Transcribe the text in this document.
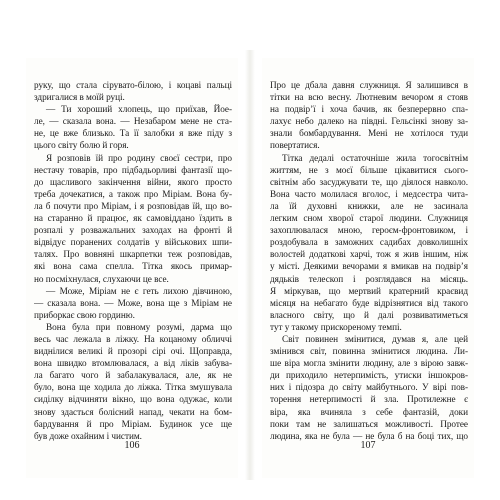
руку, що стала сірувато-білою, і коцаві пальці
здригалися в моїй руці.
— Ти хороший хлопець, що приїхав, Йое-
ле, — сказала вона. — Незабаром мене не ста-
не, це вже близько. Та її залобки я вже піду з
цього світу болю й горя.
Я розповів їй про родину своєї сестри, про
нестачу товарів, про підбадьорливі фантазії що-
до щасливого закінчення війни, якого просто
треба дочекатися, а також про Міріам. Вона бу-
ла б почути про Міріам, і я розповідав їй, що во-
на старанно й працює, як самовіддано їздить в
розпалі у розважальних заходах на фронті й
відвідує поранених солдатів у військових шпи-
талях. Про вовняні шкарпетки теж розповідав,
які вона сама спелла. Тітка якось примар-
но посміхнулася, слухаючи це все.
— Може, Міріам не є геть лихою дівчиною,
— сказала вона. — Може, вона ще з Міріам не
приборкає свою гординю.
Вона була при повному розумі, дарма що
весь час лежала в ліжку. На коцаному обличчі
виднілися великі й прозорі сірі очі. Щоправда,
вона швидко втомлювалася, а від ліків забува-
ла багато чого й забалакувалася, але, як не
було, вона ще ходила до ліжка. Тітка змушувала
сиділку відчиняти вікно, що вона одужає, коли
знову здасться болісний напад, чекати на бом-
бардування й про Міріам. Будинок усе ще
був доже охайним і чистим.
106
Про це дбала давня служниця. Я залишився в
тітки на всю весну. Лютневим вечором я стояв
на подвір’ї і хоча бачив, як безперервно спа-
лахує небо далеко на півдні. Гельсінкі знову за-
знали бомбардування. Мені не хотілося туди
повертатися.
Тітка дедалі остаточніше жила тогосвітнім
життям, не з моєї більше цікавитися сього-
світнім або засуджувати те, що діялося навколо.
Вона часто молилася вголос, і медсестра чита-
ла їй духовні книжки, але не засинала
легким сном хворої старої людини. Служниця
захоплювалася мною, героєм-фронтовиком, і
роздобувала в заможних садибах довколишніх
волостей додаткові харчі, тож я жив іншим, ніж
у місті. Деякими вечорами я вмикав на подвір’я
дядьків телескоп і розглядався на місяць.
Я міркував, що мертвий кратерний краєвид
місяця на небагато буде відрізнятися від такого
власного світу, що й далі розвиватиметься
тут у такому прискореному темпі.
Світ повинен змінитися, думав я, але цей
змінився світ, повинна змінитися людина. Ли-
ше віра могла змінити людину, але з вірою завж-
ди приходило нетерпимість, утиски іншокров-
них і підозра до світу майбутнього. У вірі пов-
торення нетерпимості й зла. Протилежне є
віра, яка вчиняла з себе фантазій, доки
поки там не залишаться можливості. Протее
людина, яка не була — не була б на боці тих, що
107
